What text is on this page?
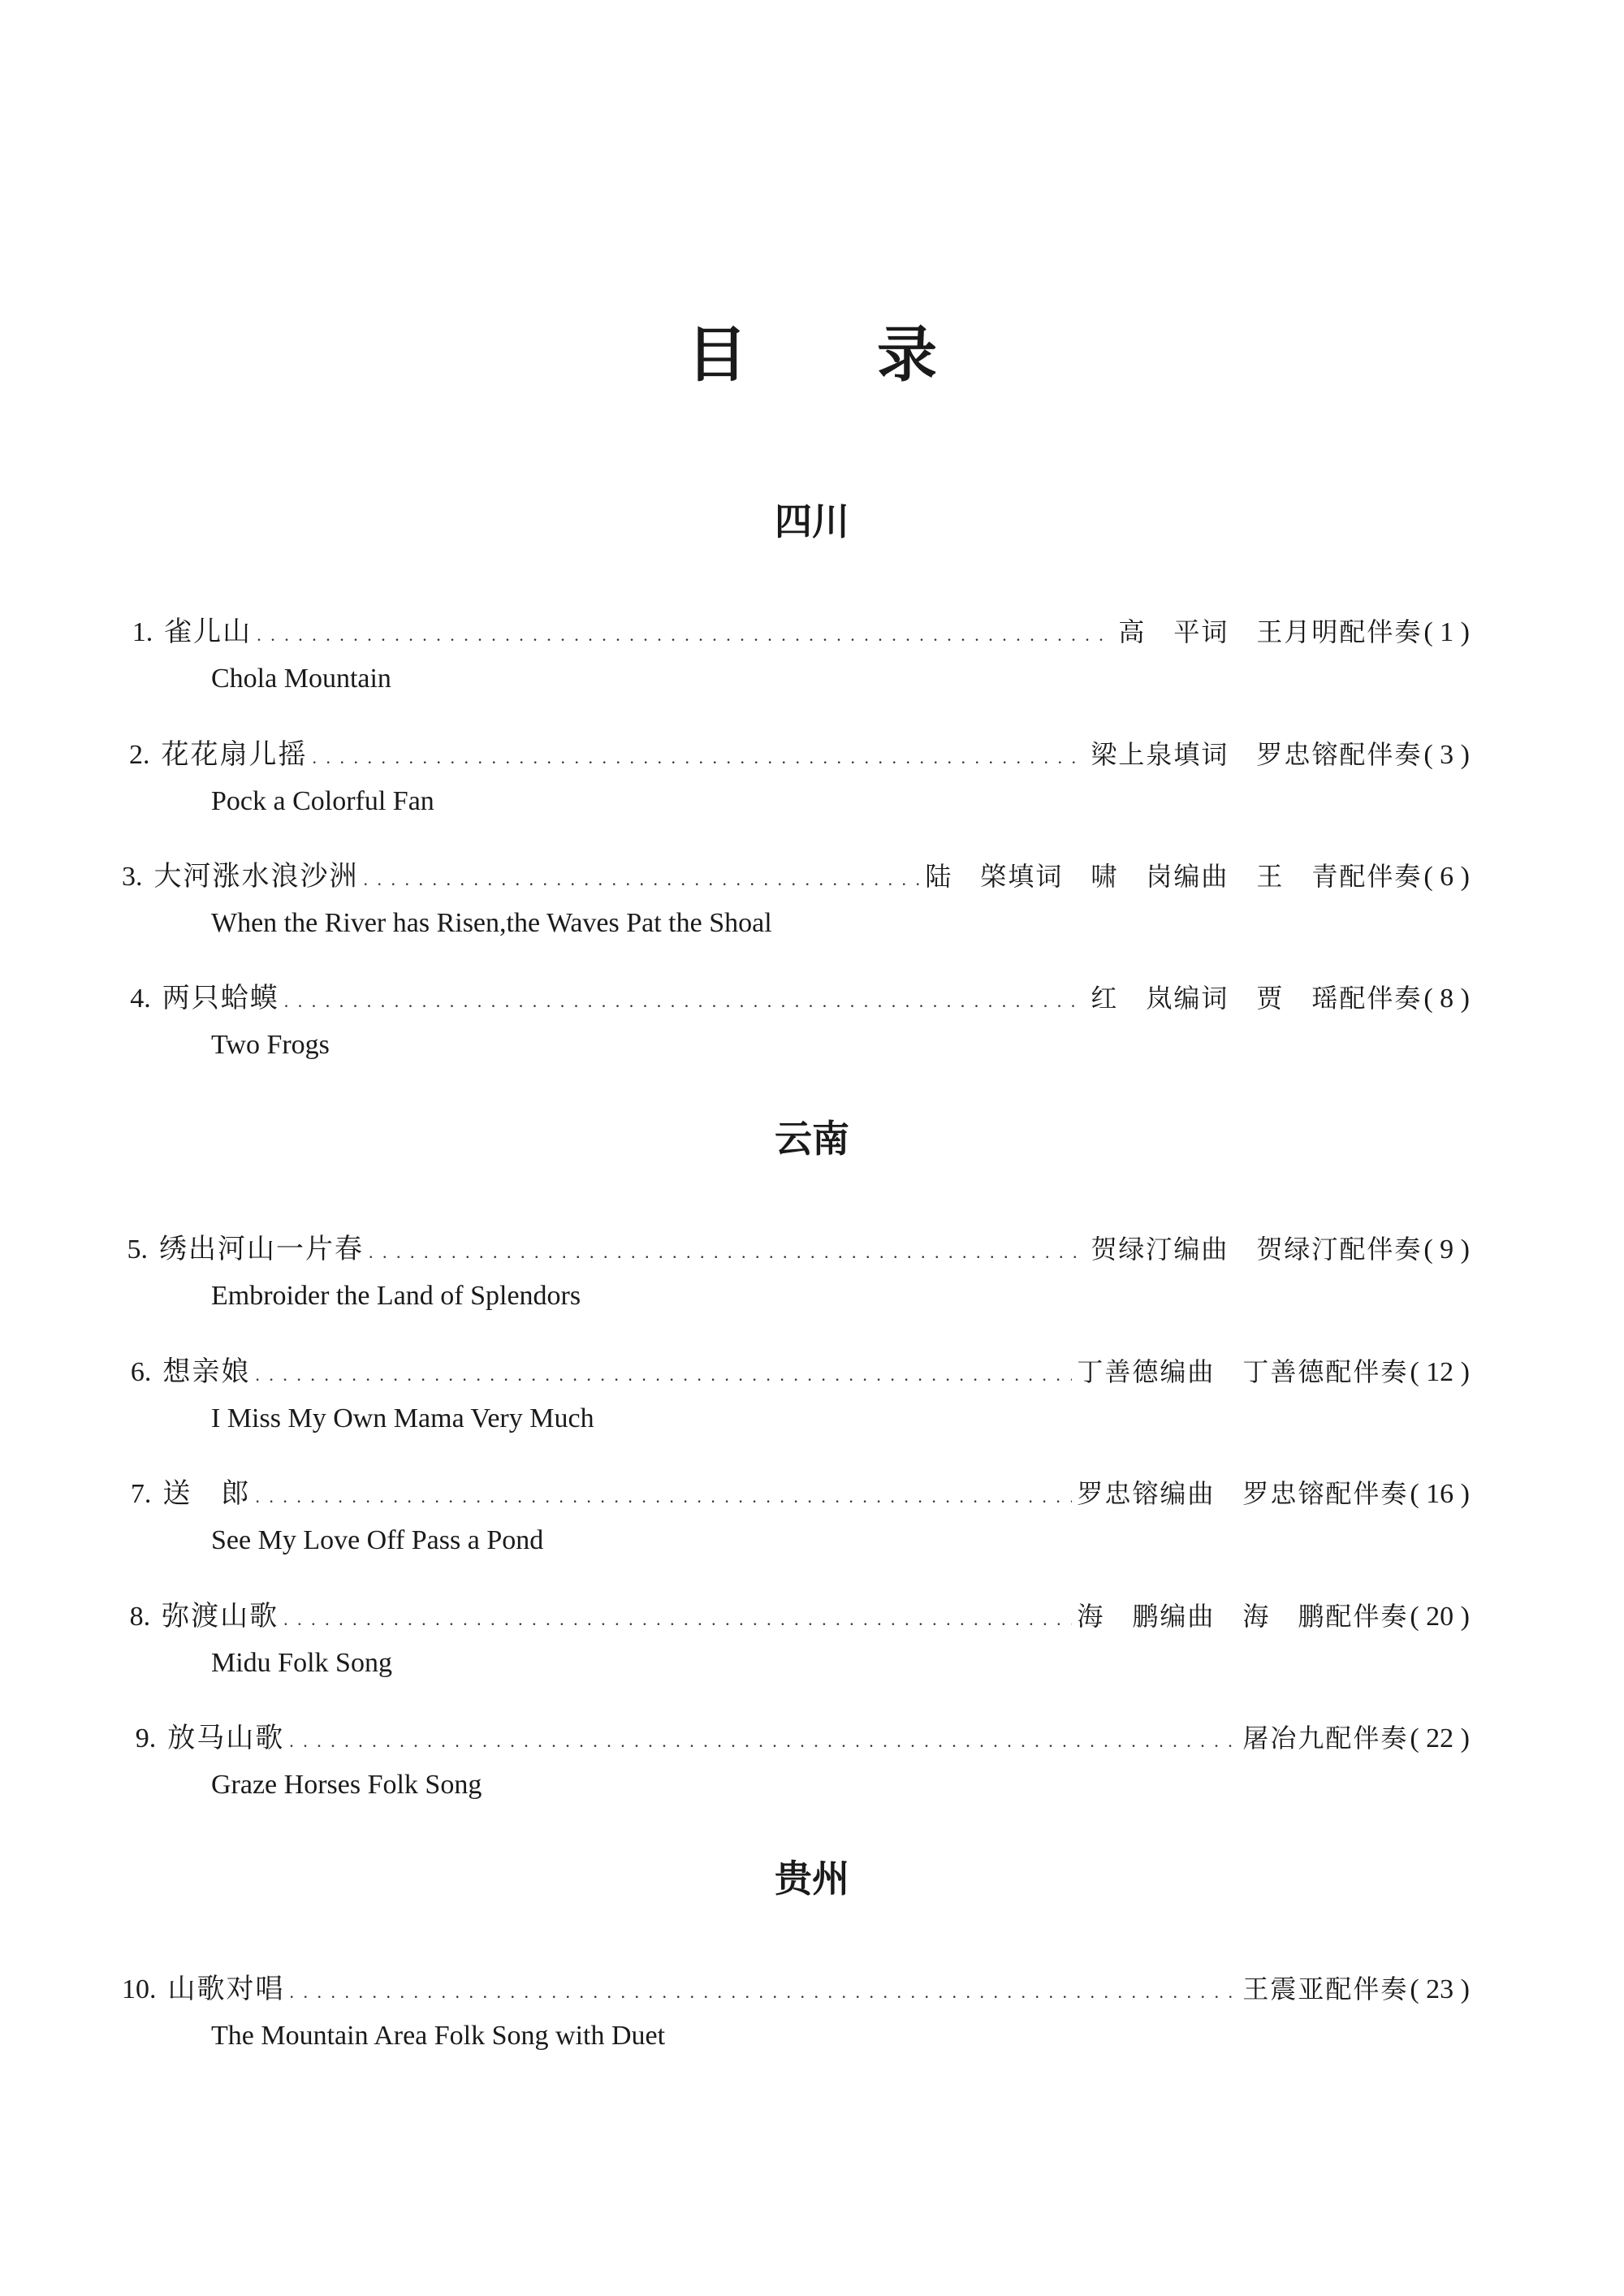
目 录
四川
1. 雀儿山 . . .	高　平词　王月明配伴奏 ( 1 )
Chola Mountain
2. 花花扇儿摇 . . .	梁上泉填词　罗忠镕配伴奏 ( 3 )
Pock a Colorful Fan
3. 大河涨水浪沙洲 . . .	陆　棨填词　啸　岗编曲　王　青配伴奏 ( 6 )
When the River has Risen,the Waves Pat the Shoal
4. 两只蛤蟆 . . .	红　岚编词　贾　瑶配伴奏 ( 8 )
Two Frogs
云南
5. 绣出河山一片春 . . .	贺绿汀编曲　贺绿汀配伴奏 ( 9 )
Embroider the Land of Splendors
6. 想亲娘 . . .	丁善德编曲　丁善德配伴奏 ( 12 )
I Miss My Own Mama Very Much
7. 送　郎 . . .	罗忠镕编曲　罗忠镕配伴奏 ( 16 )
See My Love Off Pass a Pond
8. 弥渡山歌 . . .	海　鹏编曲　海　鹏配伴奏 ( 20 )
Midu Folk Song
9. 放马山歌 . . .	屠冶九配伴奏 ( 22 )
Graze Horses Folk Song
贵州
10. 山歌对唱 . . .	王震亚配伴奏 ( 23 )
The Mountain Area Folk Song with Duet
